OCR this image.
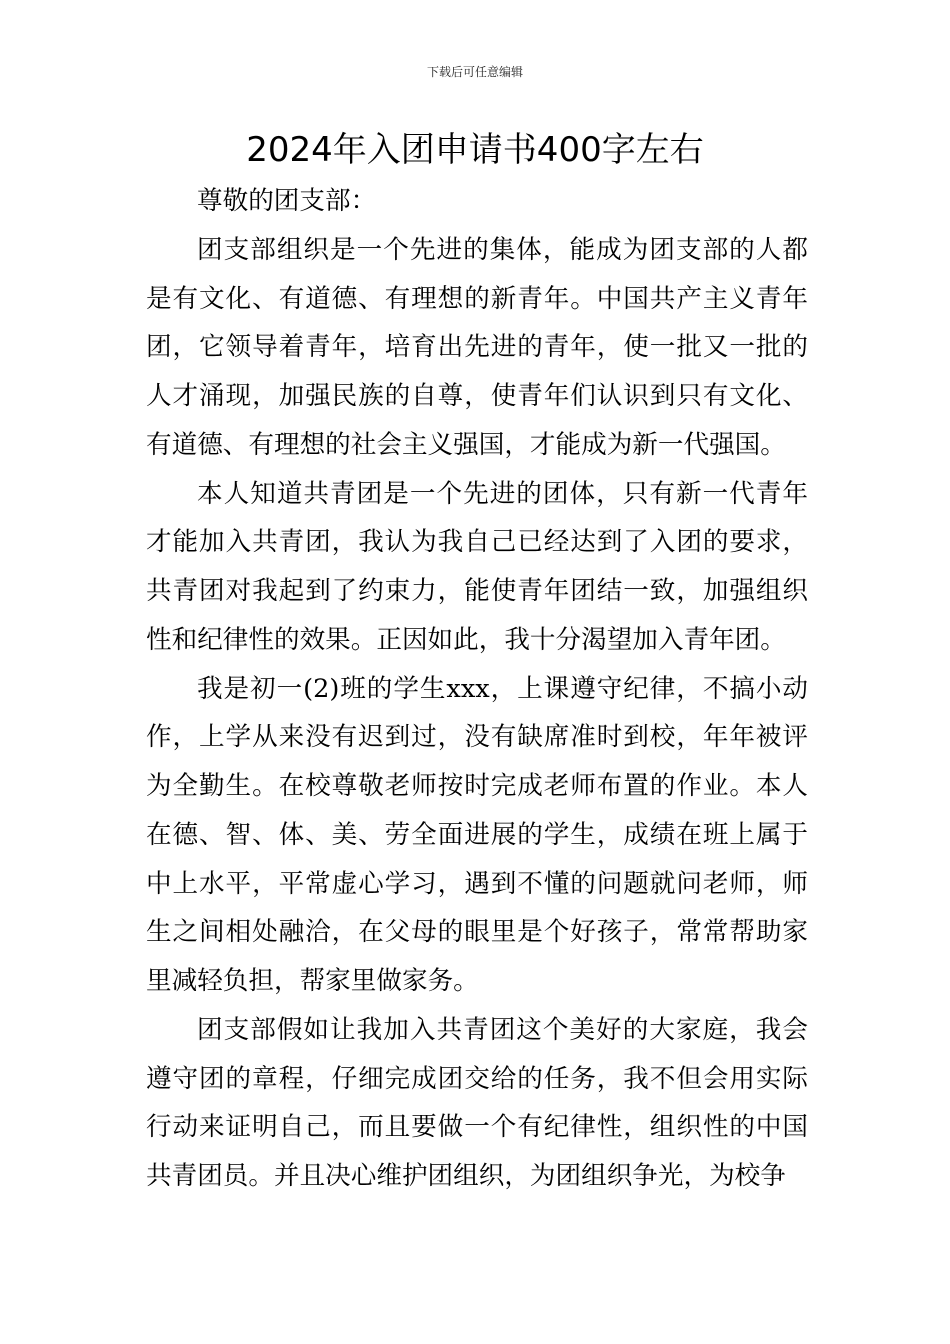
下载后可任意编辑
2024年入团申请书400字左右

尊敬的团支部：

团支部组织是一个先进的集体，能成为团支部的人都是有文化、有道德、有理想的新青年。中国共产主义青年团，它领导着青年，培育出先进的青年，使一批又一批的人才涌现，加强民族的自尊，使青年们认识到只有文化、有道德、有理想的社会主义强国，才能成为新一代强国。

本人知道共青团是一个先进的团体，只有新一代青年才能加入共青团，我认为我自己已经达到了入团的要求，共青团对我起到了约束力，能使青年团结一致，加强组织性和纪律性的效果。正因如此，我十分渴望加入青年团。

我是初一(2)班的学生xxx，上课遵守纪律，不搞小动作，上学从来没有迟到过，没有缺席准时到校，年年被评为全勤生。在校尊敬老师按时完成老师布置的作业。本人在德、智、体、美、劳全面进展的学生，成绩在班上属于中上水平，平常虚心学习，遇到不懂的问题就问老师，师生之间相处融洽，在父母的眼里是个好孩子，常常帮助家里减轻负担，帮家里做家务。

团支部假如让我加入共青团这个美好的大家庭，我会遵守团的章程，仔细完成团交给的任务，我不但会用实际行动来证明自己，而且要做一个有纪律性，组织性的中国共青团员。并且决心维护团组织，为团组织争光，为校争
